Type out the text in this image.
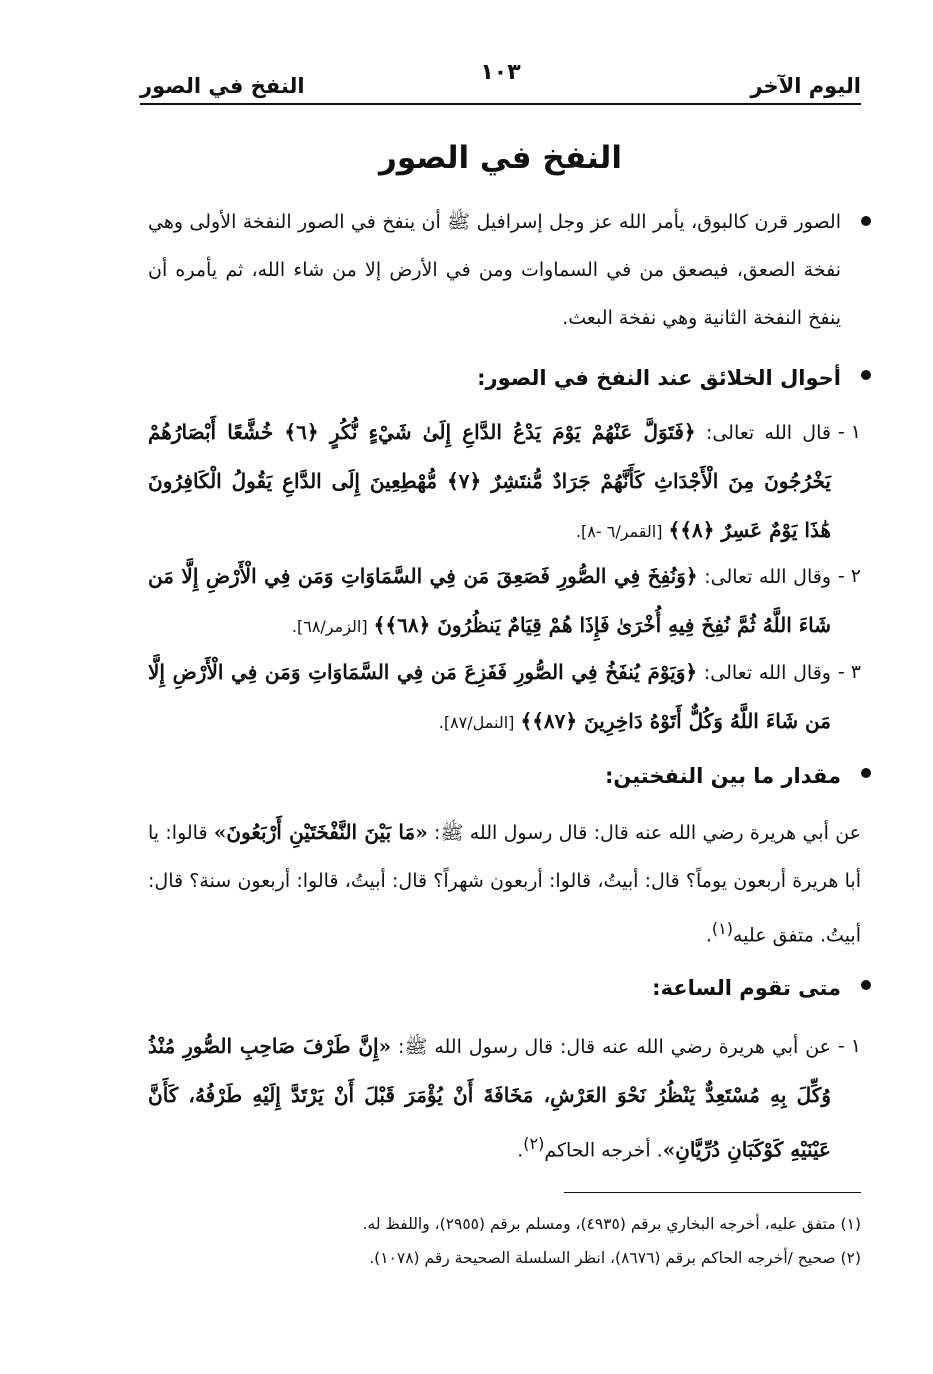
اليوم الآخر
١٠٣
النفخ في الصور
النفخ في الصور
الصور قرن كالبوق، يأمر الله عز وجل إسرافيل ﷺ أن ينفخ في الصور النفخة الأولى وهي نفخة الصعق، فيصعق من في السماوات ومن في الأرض إلا من شاء الله، ثم يأمره أن ينفخ النفخة الثانية وهي نفخة البعث.
أحوال الخلائق عند النفخ في الصور:
١ -
قال الله تعالى: ﴿فَتَوَلَّ عَنْهُمْ يَوْمَ يَدْعُ الدَّاعِ إِلَىٰ شَيْءٍ نُّكُرٍ ﴿٦﴾ خُشَّعًا أَبْصَارُهُمْ يَخْرُجُونَ مِنَ الْأَجْدَاثِ كَأَنَّهُمْ جَرَادٌ مُّنتَشِرٌ ﴿٧﴾ مُّهْطِعِينَ إِلَى الدَّاعِ يَقُولُ الْكَافِرُونَ هَٰذَا يَوْمٌ عَسِرٌ ﴿٨﴾﴾ [القمر/٦ -٨].
٢ -
وقال الله تعالى: ﴿وَنُفِخَ فِي الصُّورِ فَصَعِقَ مَن فِي السَّمَاوَاتِ وَمَن فِي الْأَرْضِ إِلَّا مَن شَاءَ اللَّهُ ثُمَّ نُفِخَ فِيهِ أُخْرَىٰ فَإِذَا هُمْ قِيَامٌ يَنظُرُونَ ﴿٦٨﴾﴾ [الزمر/٦٨].
٣ -
وقال الله تعالى: ﴿وَيَوْمَ يُنفَخُ فِي الصُّورِ فَفَزِعَ مَن فِي السَّمَاوَاتِ وَمَن فِي الْأَرْضِ إِلَّا مَن شَاءَ اللَّهُ وَكُلٌّ أَتَوْهُ دَاخِرِينَ ﴿٨٧﴾﴾ [النمل/٨٧].
مقدار ما بين النفختين:
عن أبي هريرة رضي الله عنه قال: قال رسول الله ﷺ: «مَا بَيْنَ النَّفْخَتَيْنِ أَرْبَعُونَ» قالوا: يا أبا هريرة أربعون يوماً؟ قال: أبيتُ، قالوا: أربعون شهراً؟ قال: أبيتُ، قالوا: أربعون سنة؟ قال: أبيتُ. متفق عليه$^{(١)}$.
متى تقوم الساعة:
١ -
عن أبي هريرة رضي الله عنه قال: قال رسول الله ﷺ: «إِنَّ طَرْفَ صَاحِبِ الصُّورِ مُنْذُ وُكِّلَ بِهِ مُسْتَعِدٌّ يَنْظُرُ نَحْوَ العَرْشِ، مَخَافَةَ أَنْ يُؤْمَرَ قَبْلَ أَنْ يَرْتَدَّ إِلَيْهِ طَرْفُهُ، كَأَنَّ عَيْنَيْهِ كَوْكَبَانِ دُرِّيَّانِ». أخرجه الحاكم$^{(٢)}$.
(١) متفق عليه، أخرجه البخاري برقم (٤٩٣٥)، ومسلم برقم (٢٩٥٥)، واللفظ له.
(٢) صحيح /أخرجه الحاكم برقم (٨٦٧٦)، انظر السلسلة الصحيحة رقم (١٠٧٨).
